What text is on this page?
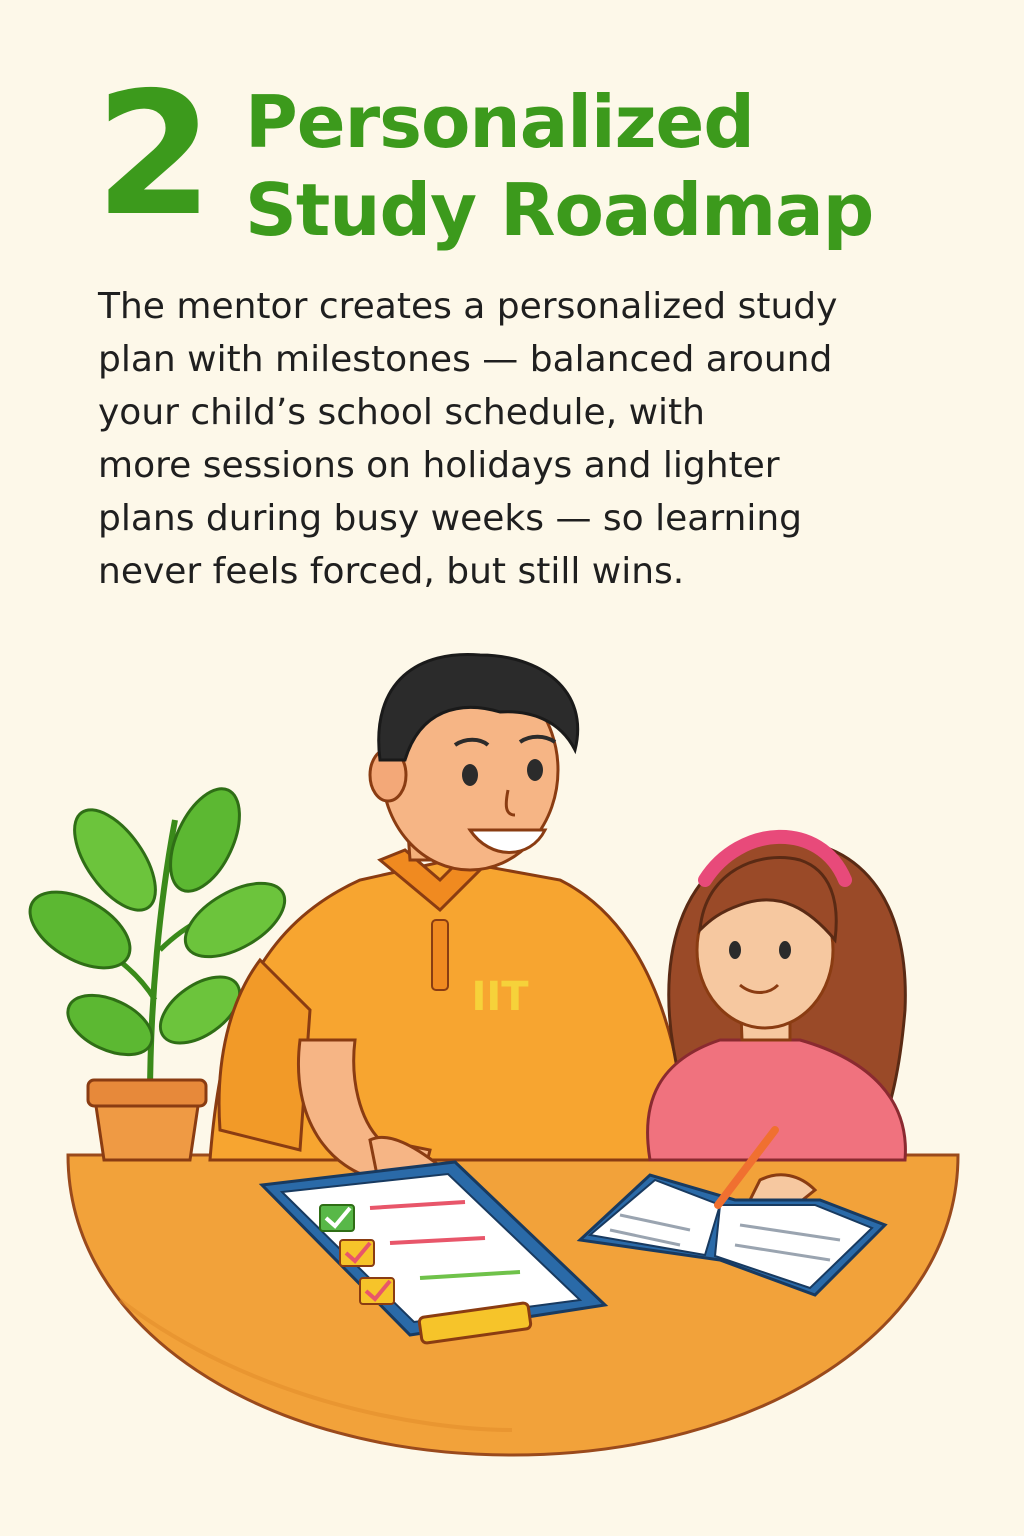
2 Personalized
Study Roadmap
The mentor creates a personalized study
plan with milestones — balanced around
your child’s school schedule, with
more sessions on holidays and lighter
plans during busy weeks — so learning
never feels forced, but still wins.
IIT
